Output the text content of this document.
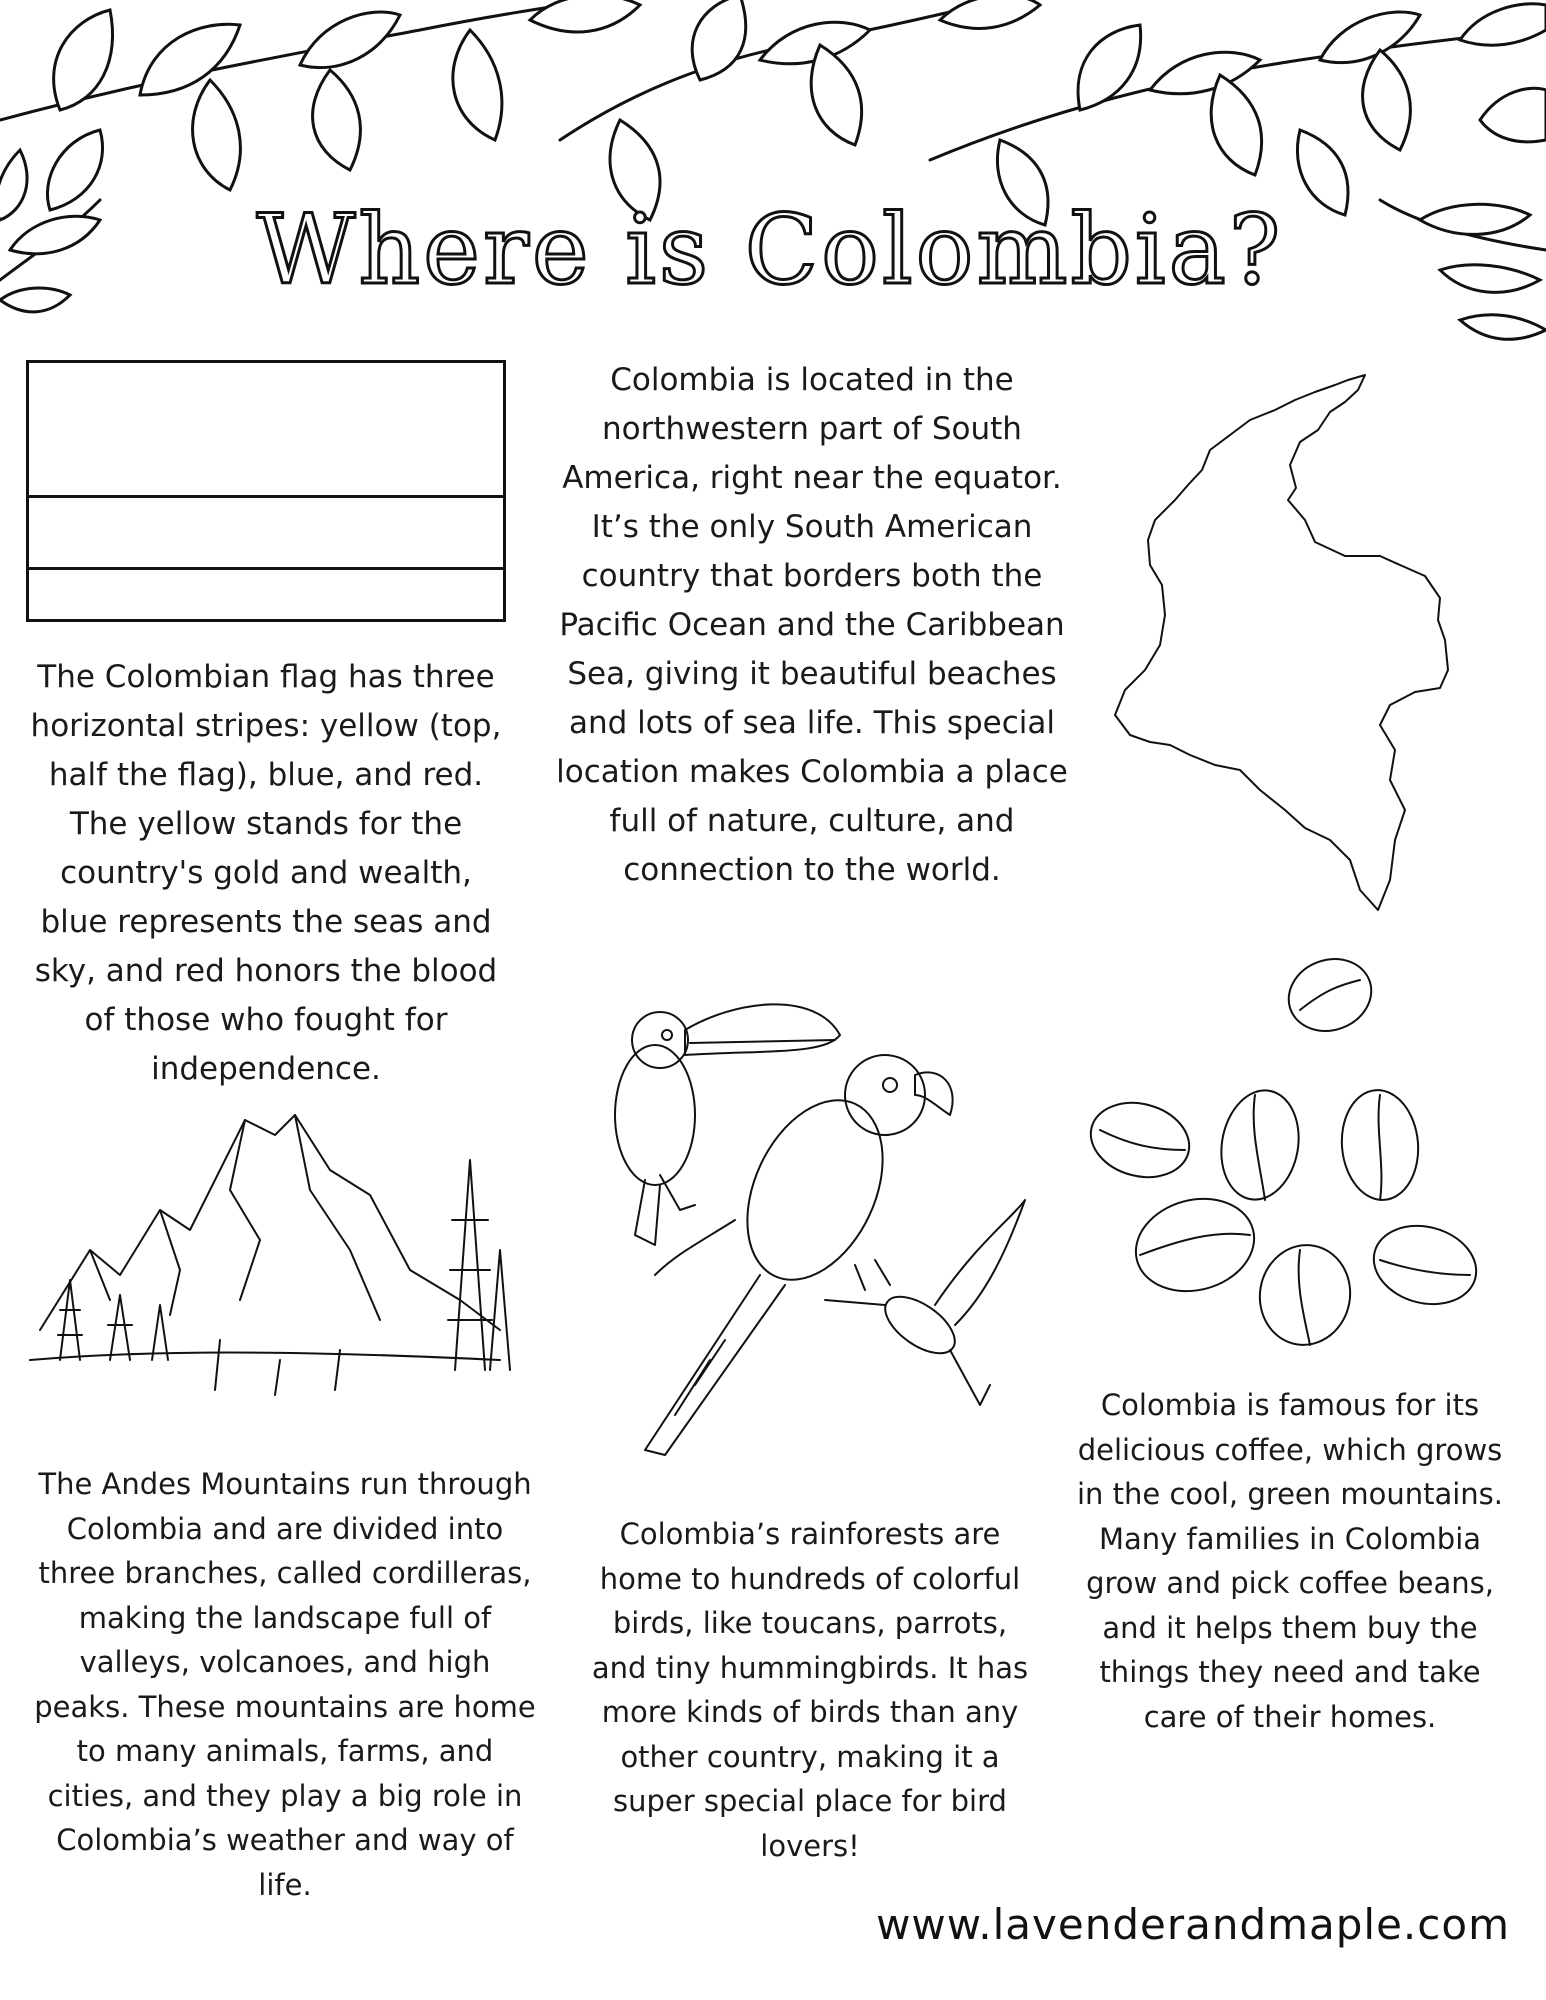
Where is Colombia?

Colombia is located in the northwestern part of South America, right near the equator. It’s the only South American country that borders both the Pacific Ocean and the Caribbean Sea, giving it beautiful beaches and lots of sea life. This special location makes Colombia a place full of nature, culture, and connection to the world.

The Colombian flag has three horizontal stripes: yellow (top, half the flag), blue, and red. The yellow stands for the country's gold and wealth, blue represents the seas and sky, and red honors the blood of those who fought for independence.

Colombia is famous for its delicious coffee, which grows in the cool, green mountains. Many families in Colombia grow and pick coffee beans, and it helps them buy the things they need and take care of their homes.

The Andes Mountains run through Colombia and are divided into three branches, called cordilleras, making the landscape full of valleys, volcanoes, and high peaks. These mountains are home to many animals, farms, and cities, and they play a big role in Colombia’s weather and way of life.

Colombia’s rainforests are home to hundreds of colorful birds, like toucans, parrots, and tiny hummingbirds. It has more kinds of birds than any other country, making it a super special place for bird lovers!

www.lavenderandmaple.com
